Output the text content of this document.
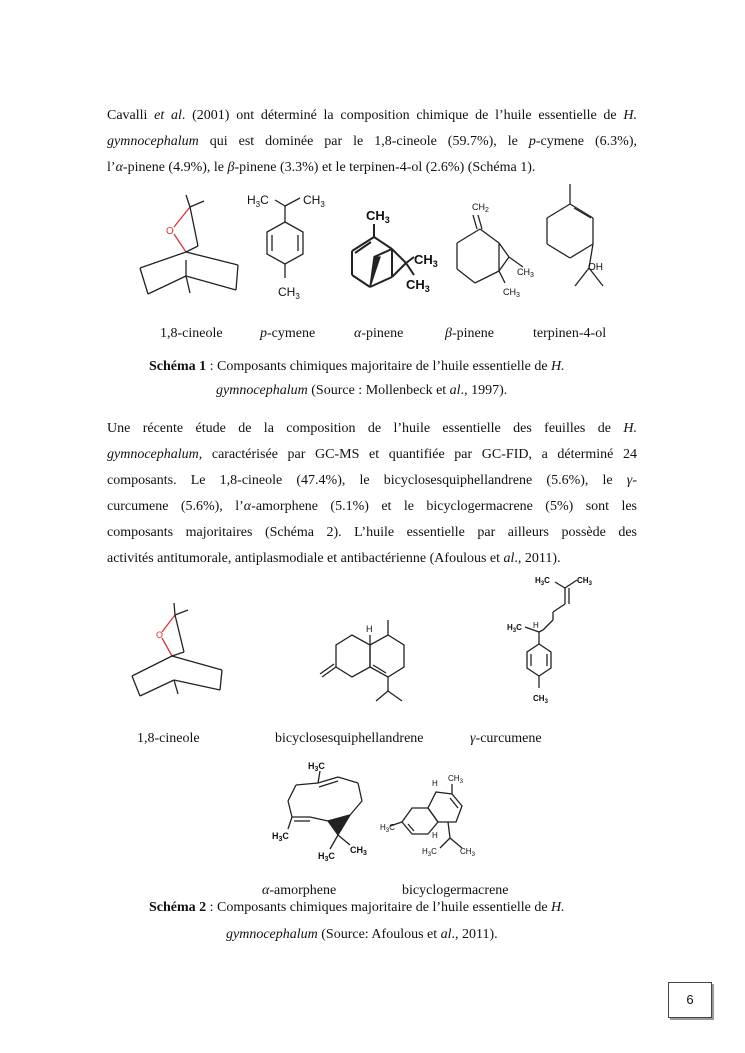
Cavalli et al. (2001) ont déterminé la composition chimique de l’huile essentielle de H.
gymnocephalum qui est dominée par le 1,8-cineole (59.7%), le p-cymene (6.3%),
l’α-pinene (4.9%), le β-pinene (3.3%) et le terpinen-4-ol (2.6%) (Schéma 1).
O
$H_3C$	$CH_3$
$CH_3$
$CH_3$
$CH_3$
$CH_3$
$CH_2$
$CH_3$
$CH_3$
OH
1,8-cineole	p-cymene	α-pinene	β-pinene	terpinen-4-ol
Schéma 1 : Composants chimiques majoritaire de l’huile essentielle de H.
gymnocephalum (Source : Mollenbeck et al., 1997).
Une récente étude de la composition de l’huile essentielle des feuilles de H.
gymnocephalum, caractérisée par GC-MS et quantifiée par GC-FID, a déterminé 24
composants. Le 1,8-cineole (47.4%), le bicyclosesquiphellandrene (5.6%), le γ-
curcumene (5.6%), l’α-amorphene (5.1%) et le bicyclogermacrene (5%) sont les
composants majoritaires (Schéma 2). L’huile essentielle par ailleurs possède des
activités antitumorale, antiplasmodiale et antibactérienne (Afoulous et al., 2011).
O
H
$H_3C$	$CH_3$
$H_3C$ H
$CH_3$
$H_3C$
$H_3C$
$H_3C$
$CH_3$
$CH_3$
H
$H_3C$
H
$H_3C$	$CH_3$
1,8-cineole	bicyclosesquiphellandrene	γ-curcumene
α-amorphene	bicyclogermacrene
Schéma 2 : Composants chimiques majoritaire de l’huile essentielle de H.
gymnocephalum (Source: Afoulous et al., 2011).
6
